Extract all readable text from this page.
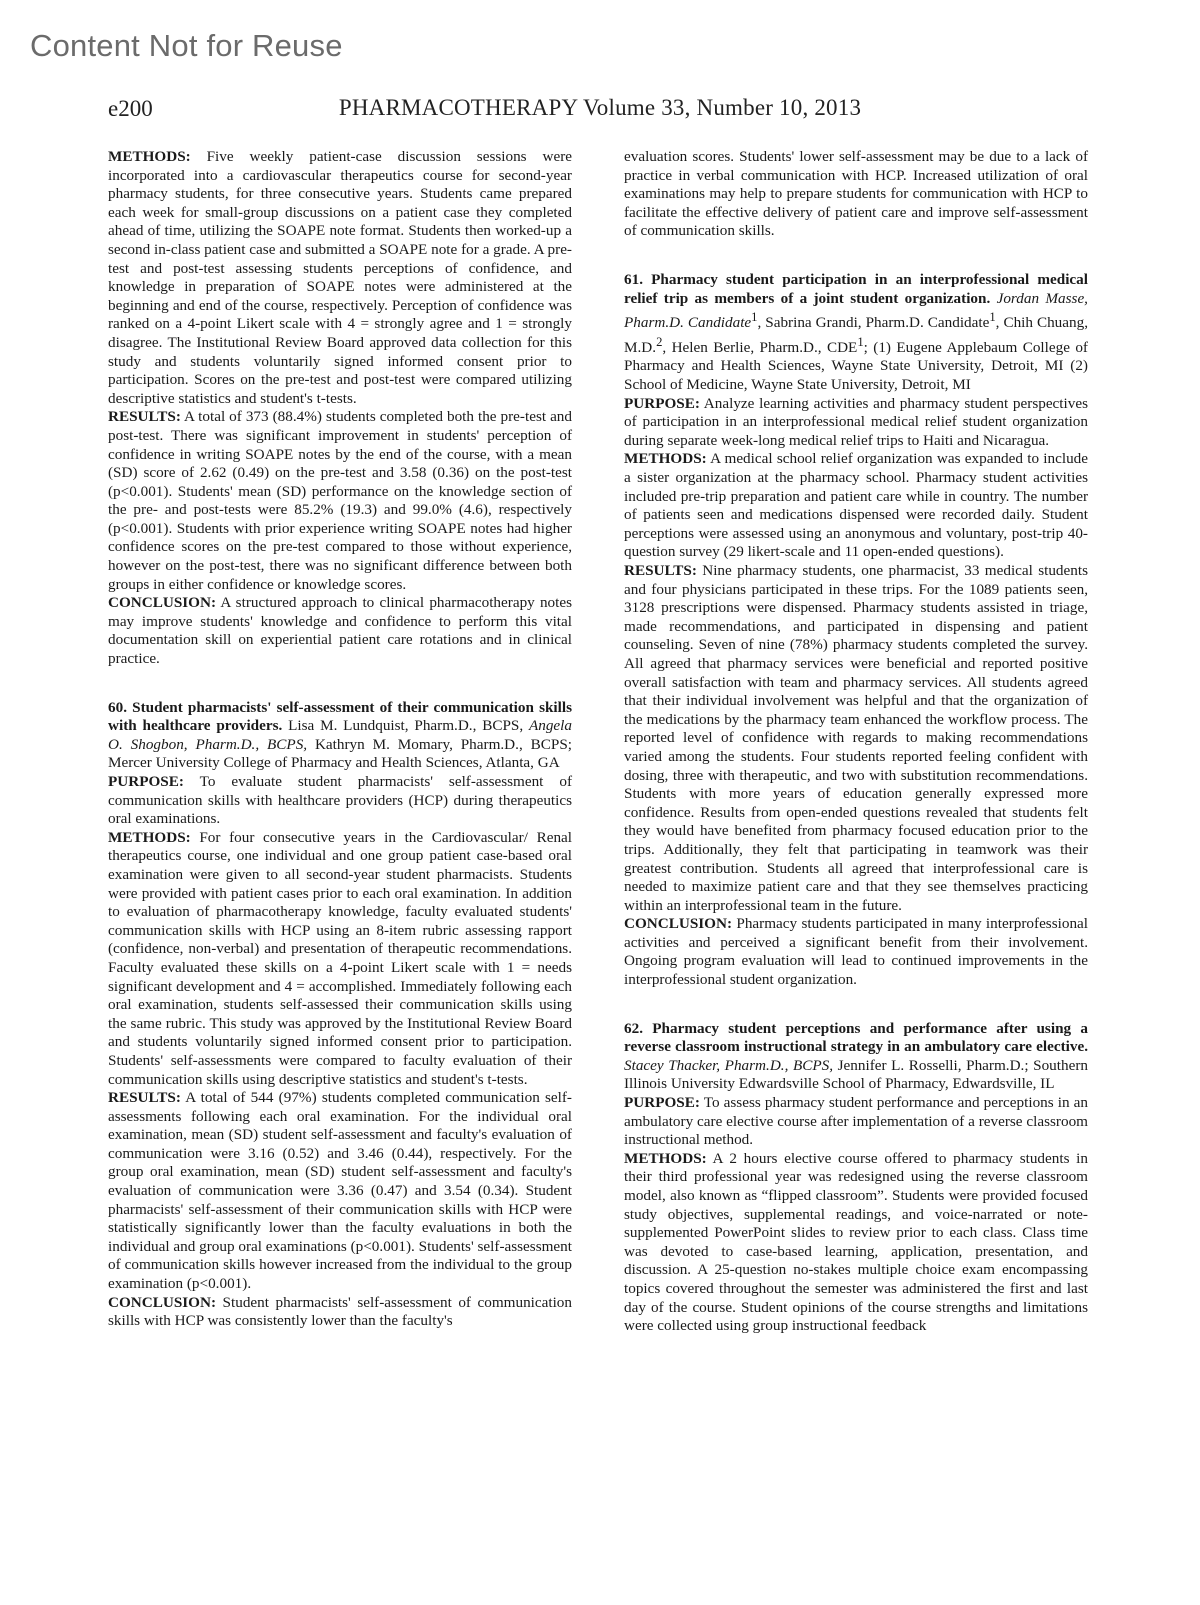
Content Not for Reuse
e200	PHARMACOTHERAPY Volume 33, Number 10, 2013

METHODS: Five weekly patient-case discussion sessions were incorporated into a cardiovascular therapeutics course for second-year pharmacy students, for three consecutive years. Students came prepared each week for small-group discussions on a patient case they completed ahead of time, utilizing the SOAPE note format. Students then worked-up a second in-class patient case and submitted a SOAPE note for a grade. A pre-test and post-test assessing students perceptions of confidence, and knowledge in preparation of SOAPE notes were administered at the beginning and end of the course, respectively. Perception of confidence was ranked on a 4-point Likert scale with 4 = strongly agree and 1 = strongly disagree. The Institutional Review Board approved data collection for this study and students voluntarily signed informed consent prior to participation. Scores on the pre-test and post-test were compared utilizing descriptive statistics and student's t-tests.

RESULTS: A total of 373 (88.4%) students completed both the pre-test and post-test. There was significant improvement in students' perception of confidence in writing SOAPE notes by the end of the course, with a mean (SD) score of 2.62 (0.49) on the pre-test and 3.58 (0.36) on the post-test (p<0.001). Students' mean (SD) performance on the knowledge section of the pre- and post-tests were 85.2% (19.3) and 99.0% (4.6), respectively (p<0.001). Students with prior experience writing SOAPE notes had higher confidence scores on the pre-test compared to those without experience, however on the post-test, there was no significant difference between both groups in either confidence or knowledge scores.

CONCLUSION: A structured approach to clinical pharmacotherapy notes may improve students' knowledge and confidence to perform this vital documentation skill on experiential patient care rotations and in clinical practice.

60. Student pharmacists' self-assessment of their communication skills with healthcare providers. Lisa M. Lundquist, Pharm.D., BCPS, Angela O. Shogbon, Pharm.D., BCPS, Kathryn M. Momary, Pharm.D., BCPS; Mercer University College of Pharmacy and Health Sciences, Atlanta, GA

PURPOSE: To evaluate student pharmacists' self-assessment of communication skills with healthcare providers (HCP) during therapeutics oral examinations.

METHODS: For four consecutive years in the Cardiovascular/ Renal therapeutics course, one individual and one group patient case-based oral examination were given to all second-year student pharmacists. Students were provided with patient cases prior to each oral examination. In addition to evaluation of pharmacotherapy knowledge, faculty evaluated students' communication skills with HCP using an 8-item rubric assessing rapport (confidence, non-verbal) and presentation of therapeutic recommendations. Faculty evaluated these skills on a 4-point Likert scale with 1 = needs significant development and 4 = accomplished. Immediately following each oral examination, students self-assessed their communication skills using the same rubric. This study was approved by the Institutional Review Board and students voluntarily signed informed consent prior to participation. Students' self-assessments were compared to faculty evaluation of their communication skills using descriptive statistics and student's t-tests.

RESULTS: A total of 544 (97%) students completed communication self-assessments following each oral examination. For the individual oral examination, mean (SD) student self-assessment and faculty's evaluation of communication were 3.16 (0.52) and 3.46 (0.44), respectively. For the group oral examination, mean (SD) student self-assessment and faculty's evaluation of communication were 3.36 (0.47) and 3.54 (0.34). Student pharmacists' self-assessment of their communication skills with HCP were statistically significantly lower than the faculty evaluations in both the individual and group oral examinations (p<0.001). Students' self-assessment of communication skills however increased from the individual to the group examination (p<0.001).

CONCLUSION: Student pharmacists' self-assessment of communication skills with HCP was consistently lower than the faculty's

evaluation scores. Students' lower self-assessment may be due to a lack of practice in verbal communication with HCP. Increased utilization of oral examinations may help to prepare students for communication with HCP to facilitate the effective delivery of patient care and improve self-assessment of communication skills.

61. Pharmacy student participation in an interprofessional medical relief trip as members of a joint student organization. Jordan Masse, Pharm.D. Candidate$^1$, Sabrina Grandi, Pharm.D. Candidate$^1$, Chih Chuang, M.D.$^2$, Helen Berlie, Pharm.D., CDE$^1$; (1) Eugene Applebaum College of Pharmacy and Health Sciences, Wayne State University, Detroit, MI (2) School of Medicine, Wayne State University, Detroit, MI

PURPOSE: Analyze learning activities and pharmacy student perspectives of participation in an interprofessional medical relief student organization during separate week-long medical relief trips to Haiti and Nicaragua.

METHODS: A medical school relief organization was expanded to include a sister organization at the pharmacy school. Pharmacy student activities included pre-trip preparation and patient care while in country. The number of patients seen and medications dispensed were recorded daily. Student perceptions were assessed using an anonymous and voluntary, post-trip 40-question survey (29 likert-scale and 11 open-ended questions).

RESULTS: Nine pharmacy students, one pharmacist, 33 medical students and four physicians participated in these trips. For the 1089 patients seen, 3128 prescriptions were dispensed. Pharmacy students assisted in triage, made recommendations, and participated in dispensing and patient counseling. Seven of nine (78%) pharmacy students completed the survey. All agreed that pharmacy services were beneficial and reported positive overall satisfaction with team and pharmacy services. All students agreed that their individual involvement was helpful and that the organization of the medications by the pharmacy team enhanced the workflow process. The reported level of confidence with regards to making recommendations varied among the students. Four students reported feeling confident with dosing, three with therapeutic, and two with substitution recommendations. Students with more years of education generally expressed more confidence. Results from open-ended questions revealed that students felt they would have benefited from pharmacy focused education prior to the trips. Additionally, they felt that participating in teamwork was their greatest contribution. Students all agreed that interprofessional care is needed to maximize patient care and that they see themselves practicing within an interprofessional team in the future.

CONCLUSION: Pharmacy students participated in many interprofessional activities and perceived a significant benefit from their involvement. Ongoing program evaluation will lead to continued improvements in the interprofessional student organization.

62. Pharmacy student perceptions and performance after using a reverse classroom instructional strategy in an ambulatory care elective. Stacey Thacker, Pharm.D., BCPS, Jennifer L. Rosselli, Pharm.D.; Southern Illinois University Edwardsville School of Pharmacy, Edwardsville, IL

PURPOSE: To assess pharmacy student performance and perceptions in an ambulatory care elective course after implementation of a reverse classroom instructional method.

METHODS: A 2 hours elective course offered to pharmacy students in their third professional year was redesigned using the reverse classroom model, also known as “flipped classroom”. Students were provided focused study objectives, supplemental readings, and voice-narrated or note-supplemented PowerPoint slides to review prior to each class. Class time was devoted to case-based learning, application, presentation, and discussion. A 25-question no-stakes multiple choice exam encompassing topics covered throughout the semester was administered the first and last day of the course. Student opinions of the course strengths and limitations were collected using group instructional feedback
